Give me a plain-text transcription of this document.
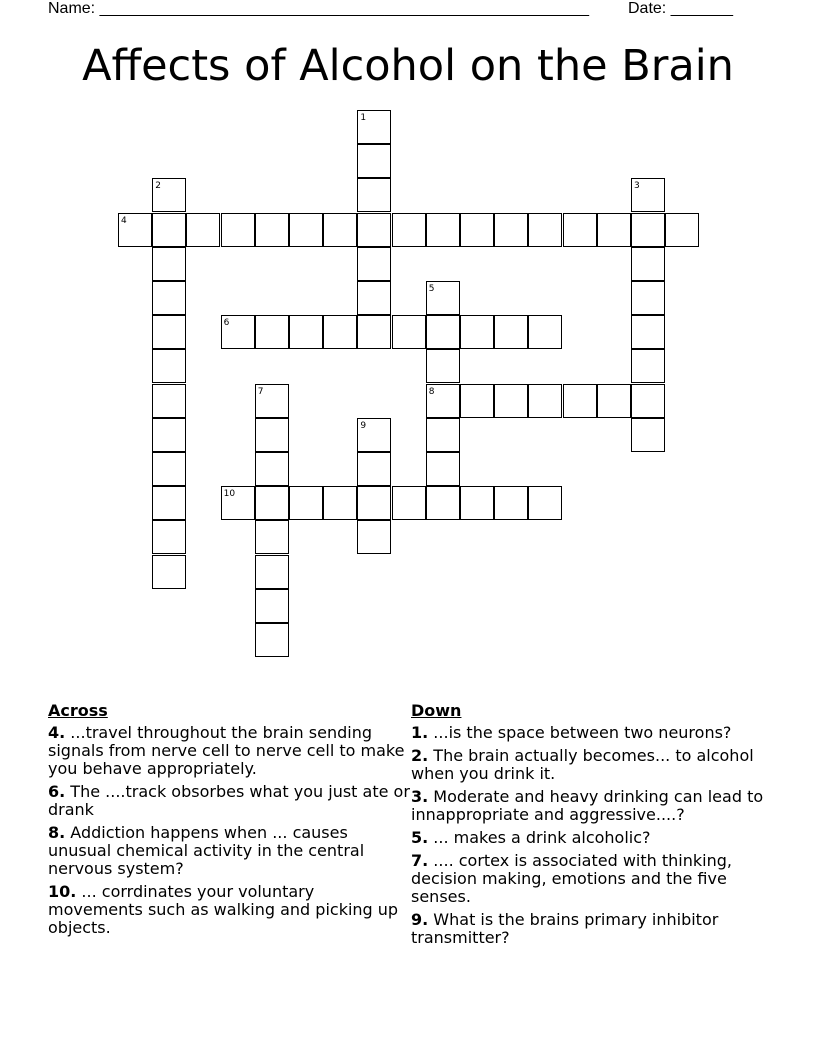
Name: _______________________________________________________ Date: _______
Affects of Alcohol on the Brain
1
2	3
4
5
6
7	8
9
10
Across
4. ...travel throughout the brain sending signals from nerve cell to nerve cell to make you behave appropriately.
6. The ....track obsorbes what you just ate or drank
8. Addiction happens when ... causes unusual chemical activity in the central nervous system?
10. ... corrdinates your voluntary movements such as walking and picking up objects.
Down
1. ...is the space between two neurons?
2. The brain actually becomes... to alcohol when you drink it.
3. Moderate and heavy drinking can lead to innappropriate and aggressive....?
5. ... makes a drink alcoholic?
7. .... cortex is associated with thinking, decision making, emotions and the five senses.
9. What is the brains primary inhibitor transmitter?
